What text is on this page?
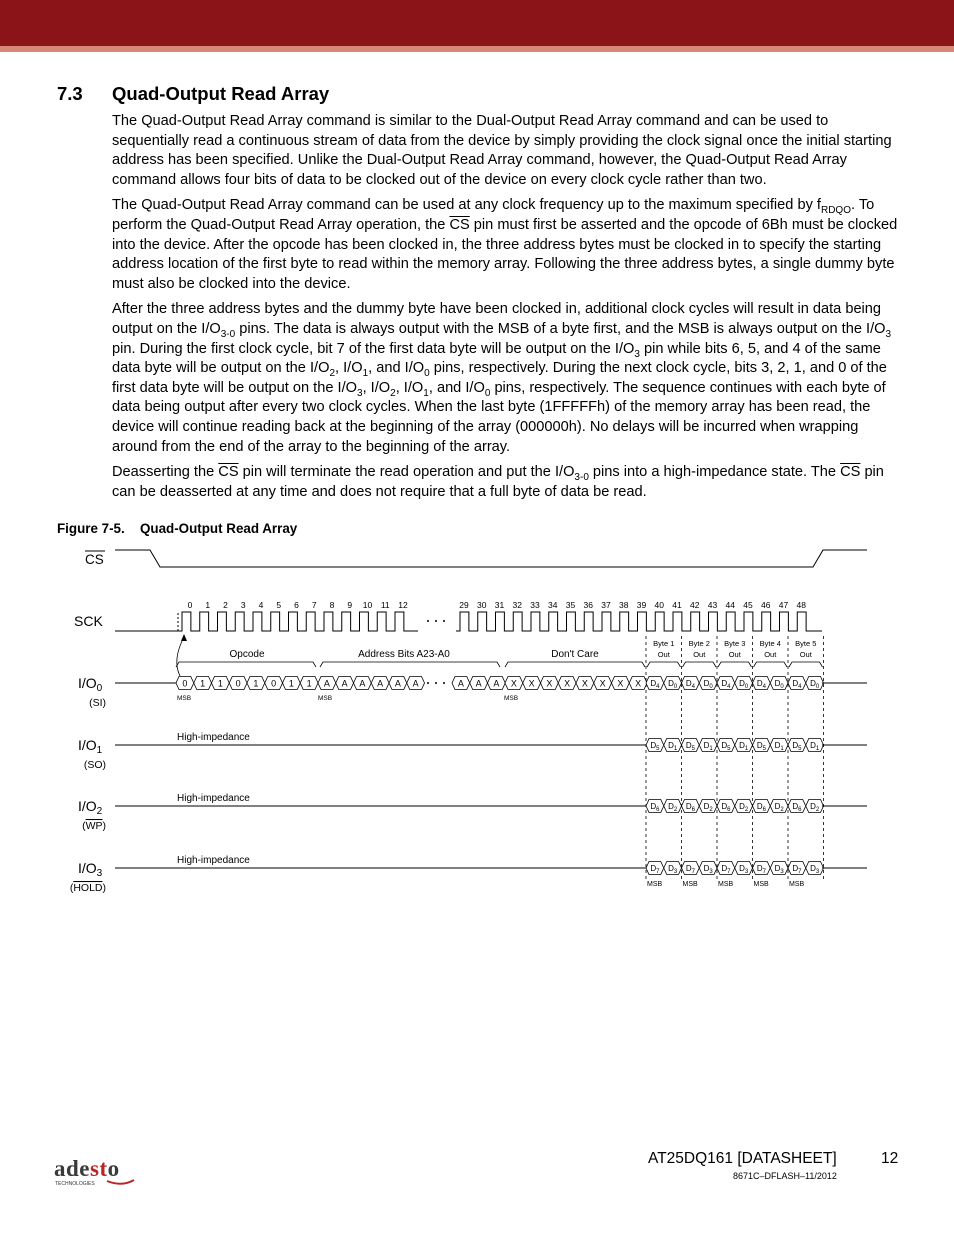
7.3 Quad-Output Read Array

The Quad-Output Read Array command is similar to the Dual-Output Read Array command and can be used to sequentially read a continuous stream of data from the device by simply providing the clock signal once the initial starting address has been specified. Unlike the Dual-Output Read Array command, however, the Quad-Output Read Array command allows four bits of data to be clocked out of the device on every clock cycle rather than two.

The Quad-Output Read Array command can be used at any clock frequency up to the maximum specified by $f_{RDQO}$. To perform the Quad-Output Read Array operation, the $\overline{CS}$ pin must first be asserted and the opcode of 6Bh must be clocked into the device. After the opcode has been clocked in, the three address bytes must be clocked in to specify the starting address location of the first byte to read within the memory array. Following the three address bytes, a single dummy byte must also be clocked into the device.

After the three address bytes and the dummy byte have been clocked in, additional clock cycles will result in data being output on the $I/O_{3-0}$ pins. The data is always output with the MSB of a byte first, and the MSB is always output on the $I/O_3$ pin. During the first clock cycle, bit 7 of the first data byte will be output on the $I/O_3$ pin while bits 6, 5, and 4 of the same data byte will be output on the $I/O_2$, $I/O_1$, and $I/O_0$ pins, respectively. During the next clock cycle, bits 3, 2, 1, and 0 of the first data byte will be output on the $I/O_3$, $I/O_2$, $I/O_1$, and $I/O_0$ pins, respectively. The sequence continues with each byte of data being output after every two clock cycles. When the last byte (1FFFFFh) of the memory array has been read, the device will continue reading back at the beginning of the array (000000h). No delays will be incurred when wrapping around from the end of the array to the beginning of the array.

Deasserting the $\overline{CS}$ pin will terminate the read operation and put the $I/O_{3-0}$ pins into a high-impedance state. The $\overline{CS}$ pin can be deasserted at any time and does not require that a full byte of data be read.

Figure 7-5. Quad-Output Read Array
CS
SCK
$I/O_0$
(SI)
$I/O_1$
(SO)
$I/O_2$
(WP)
$I/O_3$
(HOLD)
0 1 2 3 4 5 6 7 8 9 10 11 12	29 30 31 32 33 34 35 36 37 38 39 40 41 42 43 44 45 46 47 48
Opcode	Address Bits A23-A0	Don't Care
Byte 1
Out
Byte 2
Out
Byte 3
Out
Byte 4
Out
Byte 5
Out
0 1 1 0 1 0 1 1 A A A A A A	A A A X X X X X X X X $D_4$ $D_0$ $D_4$ $D_0$ $D_4$ $D_0$ $D_4$ $D_0$ $D_4$ $D_0$
MSB	MSB	MSB
High-impedance
$D_5$ $D_1$ $D_5$ $D_1$ $D_5$ $D_1$ $D_5$ $D_1$ $D_5$ $D_1$
High-impedance
$D_6$ $D_2$ $D_6$ $D_2$ $D_6$ $D_2$ $D_6$ $D_2$ $D_6$ $D_2$
High-impedance
$D_7$ $D_3$ $D_7$ $D_3$ $D_7$ $D_3$ $D_7$ $D_3$ $D_7$ $D_3$
MSB	MSB	MSB	MSB	MSB
adesto
TECHNOLOGIES
AT25DQ161 [DATASHEET]	12
8671C–DFLASH–11/2012
